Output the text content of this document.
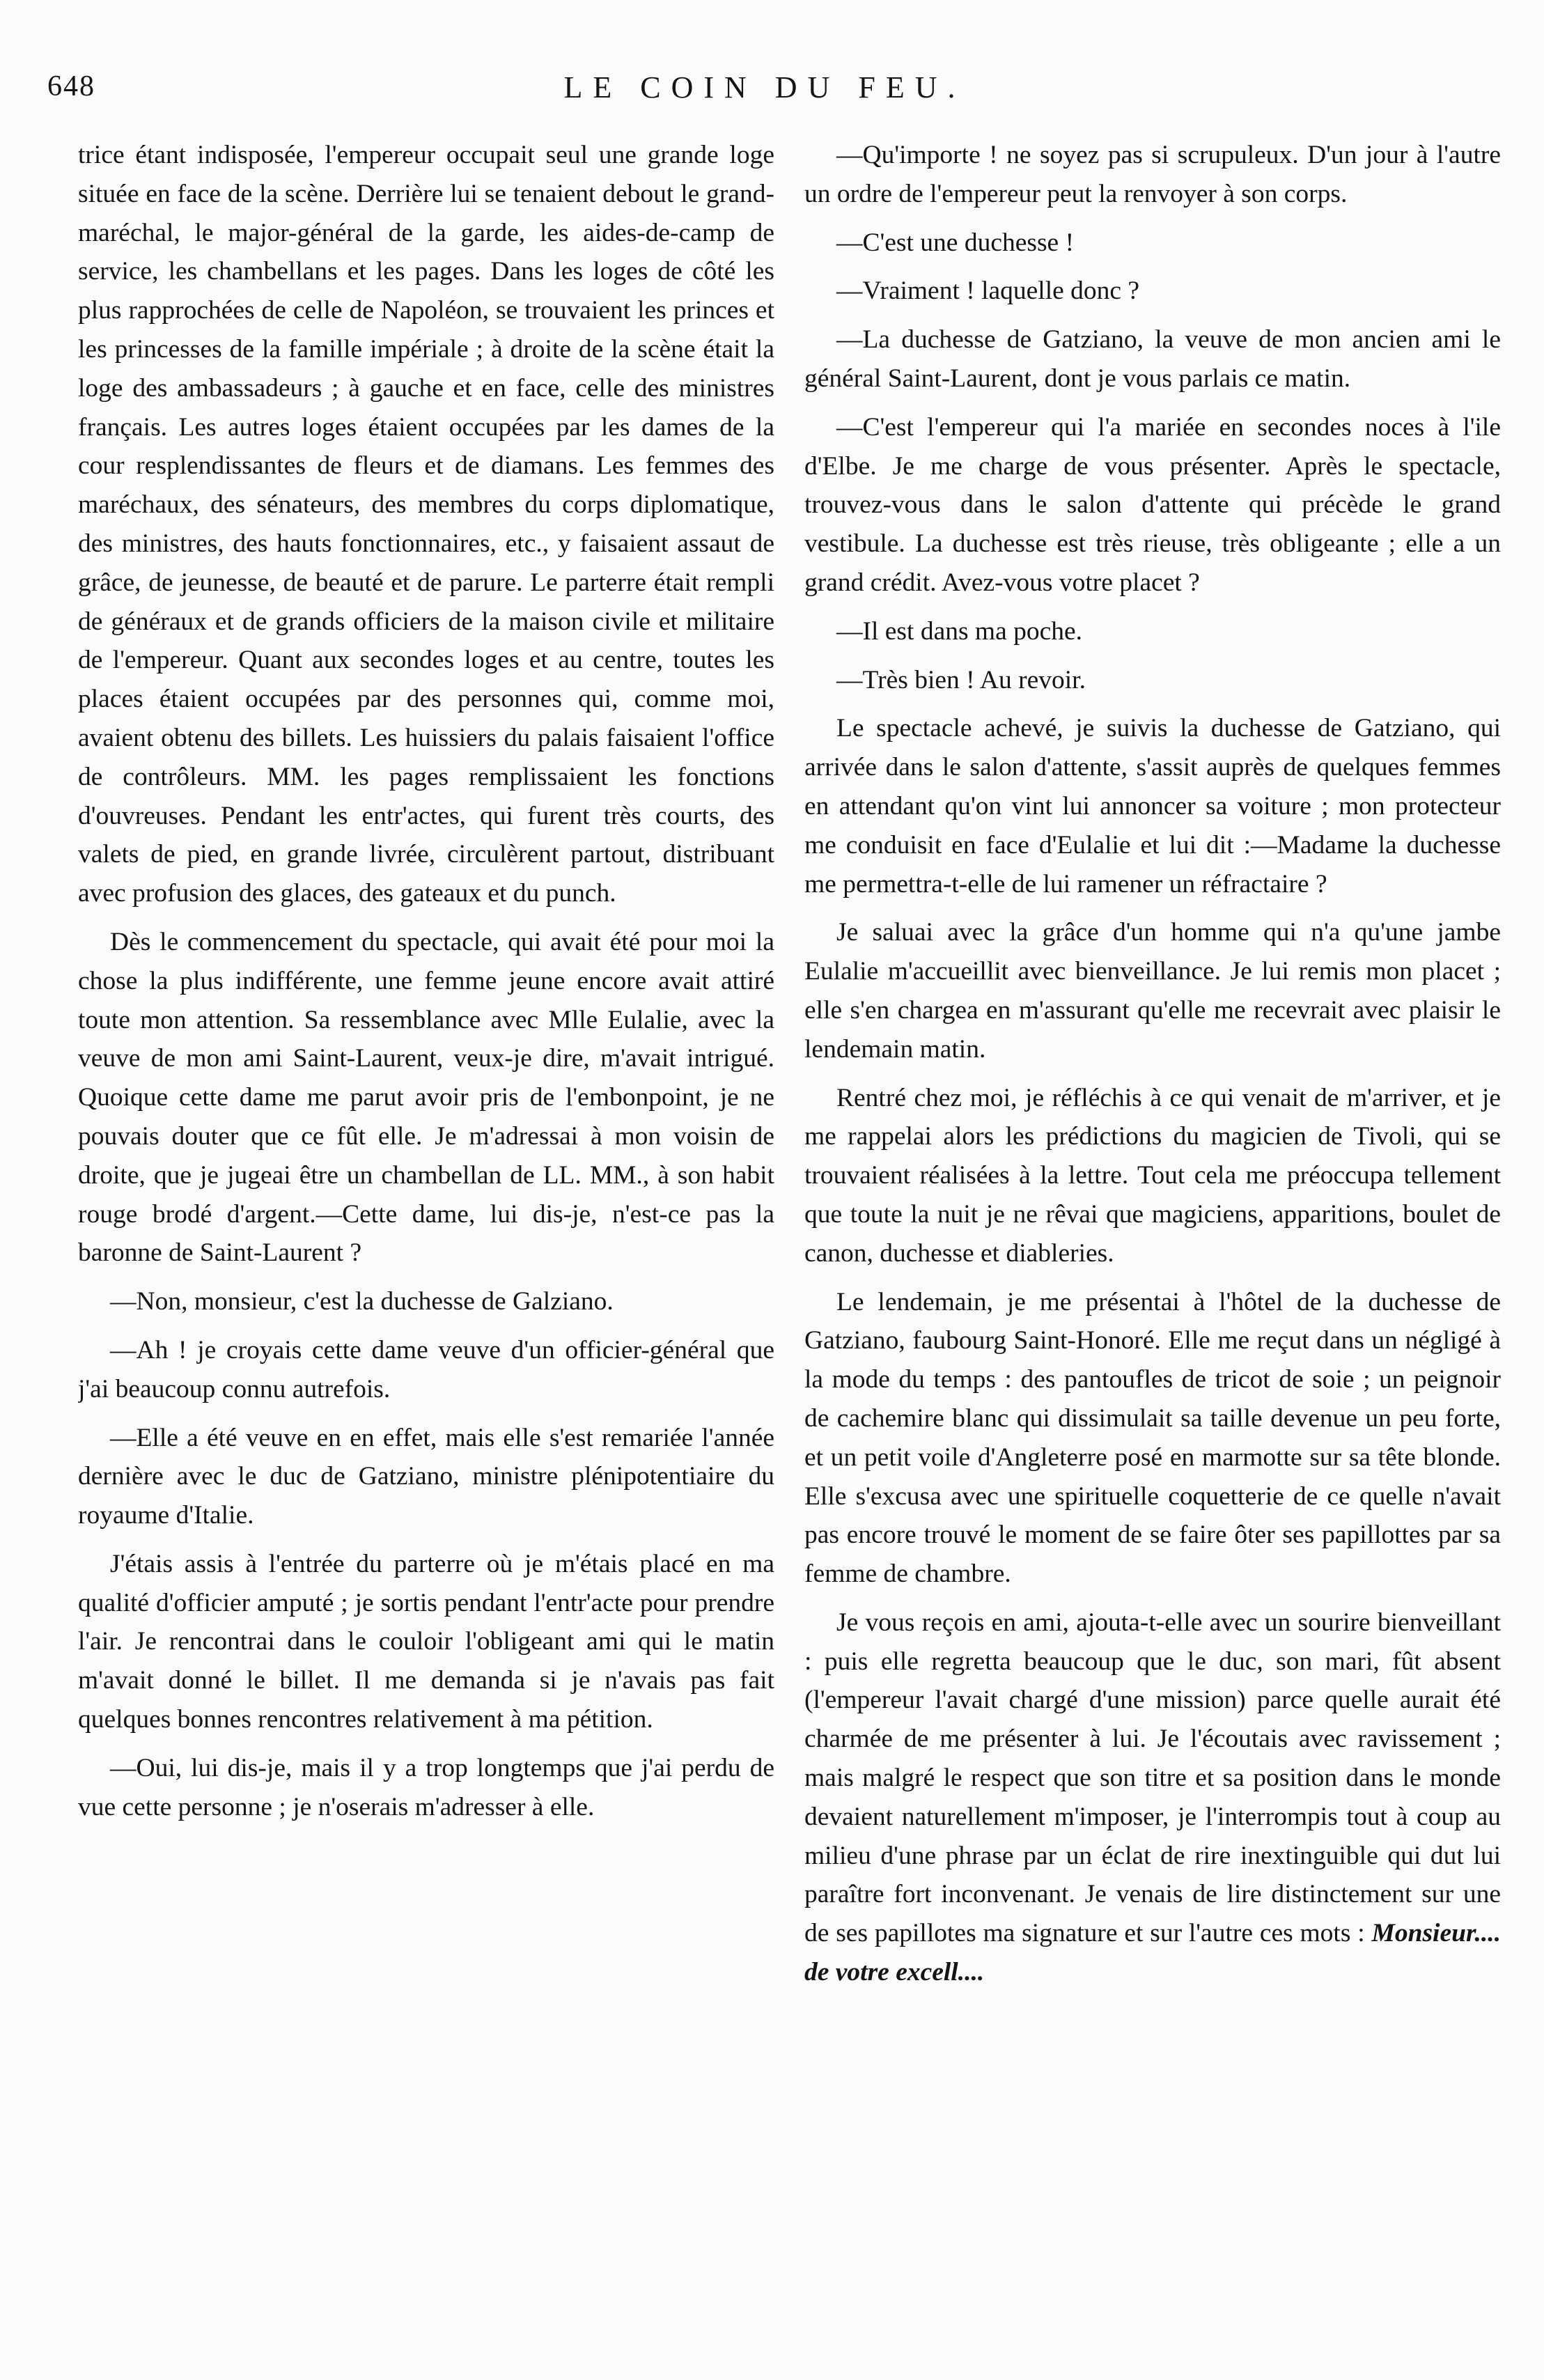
648	LE COIN DU FEU.

trice étant indisposée, l'empereur occupait seul une grande loge située en face de la scène. Derrière lui se tenaient debout le grand-maréchal, le major-général de la garde, les aides-de-camp de service, les chambellans et les pages. Dans les loges de côté les plus rapprochées de celle de Napoléon, se trouvaient les princes et les princesses de la famille impériale ; à droite de la scène était la loge des ambassadeurs ; à gauche et en face, celle des ministres français. Les autres loges étaient occupées par les dames de la cour resplendissantes de fleurs et de diamans. Les femmes des maréchaux, des sénateurs, des membres du corps diplomatique, des ministres, des hauts fonctionnaires, etc., y faisaient assaut de grâce, de jeunesse, de beauté et de parure. Le parterre était rempli de généraux et de grands officiers de la maison civile et militaire de l'empereur. Quant aux secondes loges et au centre, toutes les places étaient occupées par des personnes qui, comme moi, avaient obtenu des billets. Les huissiers du palais faisaient l'office de contrôleurs. MM. les pages remplissaient les fonctions d'ouvreuses. Pendant les entr'actes, qui furent très courts, des valets de pied, en grande livrée, circulèrent partout, distribuant avec profusion des glaces, des gateaux et du punch.

Dès le commencement du spectacle, qui avait été pour moi la chose la plus indifférente, une femme jeune encore avait attiré toute mon attention. Sa ressemblance avec Mlle Eulalie, avec la veuve de mon ami Saint-Laurent, veux-je dire, m'avait intrigué. Quoique cette dame me parut avoir pris de l'embonpoint, je ne pouvais douter que ce fût elle. Je m'adressai à mon voisin de droite, que je jugeai être un chambellan de LL. MM., à son habit rouge brodé d'argent.—Cette dame, lui dis-je, n'est-ce pas la baronne de Saint-Laurent ?

—Non, monsieur, c'est la duchesse de Galziano.

—Ah ! je croyais cette dame veuve d'un officier-général que j'ai beaucoup connu autrefois.

—Elle a été veuve en en effet, mais elle s'est remariée l'année dernière avec le duc de Gatziano, ministre plénipotentiaire du royaume d'Italie.

J'étais assis à l'entrée du parterre où je m'étais placé en ma qualité d'officier amputé ; je sortis pendant l'entr'acte pour prendre l'air. Je rencontrai dans le couloir l'obligeant ami qui le matin m'avait donné le billet. Il me demanda si je n'avais pas fait quelques bonnes rencontres relativement à ma pétition.

—Oui, lui dis-je, mais il y a trop longtemps que j'ai perdu de vue cette personne ; je n'oserais m'adresser à elle.

—Qu'importe ! ne soyez pas si scrupuleux. D'un jour à l'autre un ordre de l'empereur peut la renvoyer à son corps.

—C'est une duchesse !

—Vraiment ! laquelle donc ?

—La duchesse de Gatziano, la veuve de mon ancien ami le général Saint-Laurent, dont je vous parlais ce matin.

—C'est l'empereur qui l'a mariée en secondes noces à l'ile d'Elbe. Je me charge de vous présenter. Après le spectacle, trouvez-vous dans le salon d'attente qui précède le grand vestibule. La duchesse est très rieuse, très obligeante ; elle a un grand crédit. Avez-vous votre placet ?

—Il est dans ma poche.

—Très bien ! Au revoir.

Le spectacle achevé, je suivis la duchesse de Gatziano, qui arrivée dans le salon d'attente, s'assit auprès de quelques femmes en attendant qu'on vint lui annoncer sa voiture ; mon protecteur me conduisit en face d'Eulalie et lui dit :—Madame la duchesse me permettra-t-elle de lui ramener un réfractaire ?

Je saluai avec la grâce d'un homme qui n'a qu'une jambe Eulalie m'accueillit avec bienveillance. Je lui remis mon placet ; elle s'en chargea en m'assurant qu'elle me recevrait avec plaisir le lendemain matin.

Rentré chez moi, je réfléchis à ce qui venait de m'arriver, et je me rappelai alors les prédictions du magicien de Tivoli, qui se trouvaient réalisées à la lettre. Tout cela me préoccupa tellement que toute la nuit je ne rêvai que magiciens, apparitions, boulet de canon, duchesse et diableries.

Le lendemain, je me présentai à l'hôtel de la duchesse de Gatziano, faubourg Saint-Honoré. Elle me reçut dans un négligé à la mode du temps : des pantoufles de tricot de soie ; un peignoir de cachemire blanc qui dissimulait sa taille devenue un peu forte, et un petit voile d'Angleterre posé en marmotte sur sa tête blonde. Elle s'excusa avec une spirituelle coquetterie de ce quelle n'avait pas encore trouvé le moment de se faire ôter ses papillottes par sa femme de chambre.

Je vous reçois en ami, ajouta-t-elle avec un sourire bienveillant : puis elle regretta beaucoup que le duc, son mari, fût absent (l'empereur l'avait chargé d'une mission) parce quelle aurait été charmée de me présenter à lui. Je l'écoutais avec ravissement ; mais malgré le respect que son titre et sa position dans le monde devaient naturellement m'imposer, je l'interrompis tout à coup au milieu d'une phrase par un éclat de rire inextinguible qui dut lui paraître fort inconvenant. Je venais de lire distinctement sur une de ses papillotes ma signature et sur l'autre ces mots : Monsieur.... de votre excell....
